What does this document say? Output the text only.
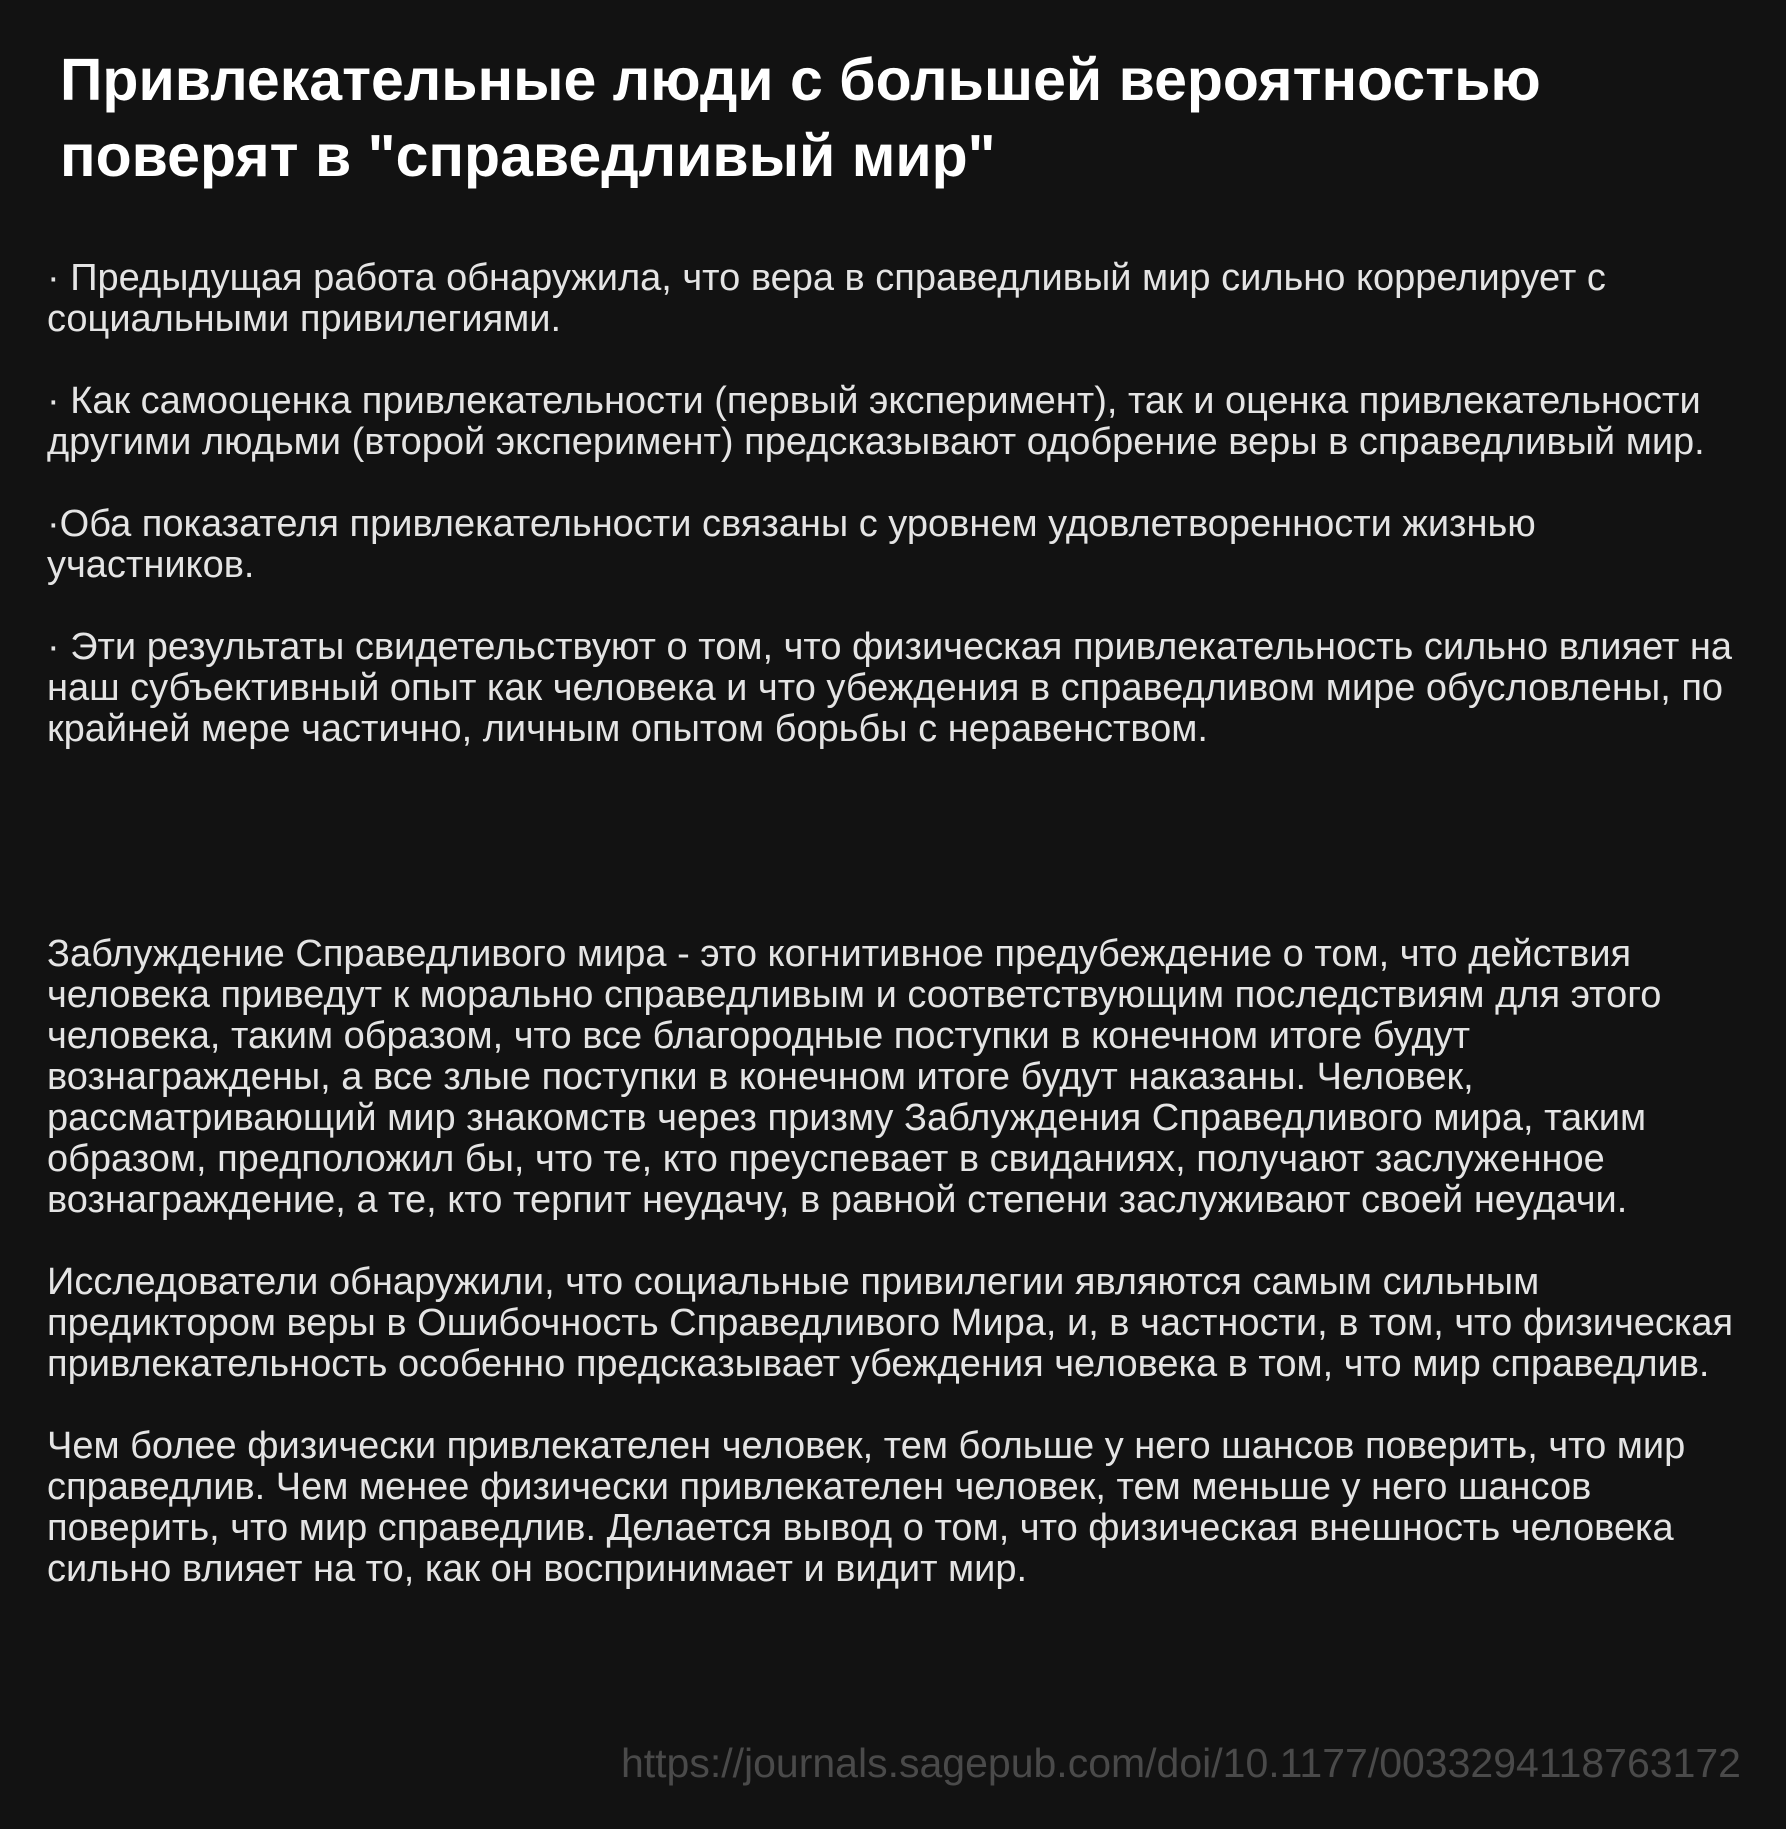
Привлекательные люди с большей вероятностью поверят в "справедливый мир"

· Предыдущая работа обнаружила, что вера в справедливый мир сильно коррелирует с социальными привилегиями.

· Как самооценка привлекательности (первый эксперимент), так и оценка привлекательности другими людьми (второй эксперимент) предсказывают одобрение веры в справедливый мир.

·Оба показателя привлекательности связаны с уровнем удовлетворенности жизнью участников.

· Эти результаты свидетельствуют о том, что физическая привлекательность сильно влияет на наш субъективный опыт как человека и что убеждения в справедливом мире обусловлены, по крайней мере частично, личным опытом борьбы с неравенством.

Заблуждение Справедливого мира - это когнитивное предубеждение о том, что действия человека приведут к морально справедливым и соответствующим последствиям для этого человека, таким образом, что все благородные поступки в конечном итоге будут вознаграждены, а все злые поступки в конечном итоге будут наказаны. Человек, рассматривающий мир знакомств через призму Заблуждения Справедливого мира, таким образом, предположил бы, что те, кто преуспевает в свиданиях, получают заслуженное вознаграждение, а те, кто терпит неудачу, в равной степени заслуживают своей неудачи.

Исследователи обнаружили, что социальные привилегии являются самым сильным предиктором веры в Ошибочность Справедливого Мира, и, в частности, в том, что физическая привлекательность особенно предсказывает убеждения человека в том, что мир справедлив.

Чем более физически привлекателен человек, тем больше у него шансов поверить, что мир справедлив. Чем менее физически привлекателен человек, тем меньше у него шансов поверить, что мир справедлив. Делается вывод о том, что физическая внешность человека сильно влияет на то, как он воспринимает и видит мир.

https://journals.sagepub.com/doi/10.1177/0033294118763172
